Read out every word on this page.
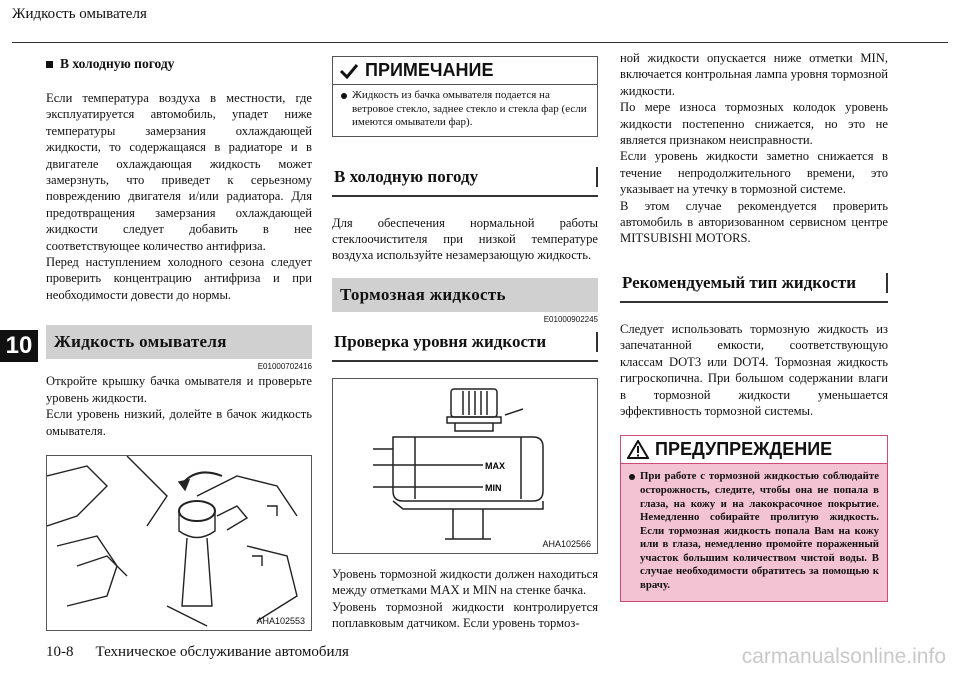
Жидкость омывателя
10
В холодную погоду

Если температура воздуха в местности, где эксплуатируется автомобиль, упадет ниже температуры замерзания охлаждающей жидкости, то содержащаяся в радиаторе и в двигателе охлаждающая жидкость может замерзнуть, что приведет к серьезному повреждению двигателя и/или радиатора. Для предотвращения замерзания охлаждающей жидкости следует добавить в нее соответствующее количество антифриза.

Перед наступлением холодного сезона следует проверить концентрацию антифриза и при необходимости довести до нормы.

Жидкость омывателя
E01000702416

Откройте крышку бачка омывателя и проверьте уровень жидкости.

Если уровень низкий, долейте в бачок жидкость омывателя.

AHA102553
ПРИМЕЧАНИЕ
Жидкость из бачка омывателя подается на ветровое стекло, заднее стекло и стекла фар (если имеются омыватели фар).
В холодную погоду

Для обеспечения нормальной работы стеклоочистителя при низкой температуре воздуха используйте незамерзающую жидкость.

Тормозная жидкость
E01000902245
Проверка уровня жидкости
MAX
MIN
AHA102566

Уровень тормозной жидкости должен находиться между отметками MAX и MIN на стенке бачка.

Уровень тормозной жидкости контролируется поплавковым датчиком. Если уровень тормоз-

ной жидкости опускается ниже отметки MIN, включается контрольная лампа уровня тормозной жидкости.

По мере износа тормозных колодок уровень жидкости постепенно снижается, но это не является признаком неисправности.

Если уровень жидкости заметно снижается в течение непродолжительного времени, это указывает на утечку в тормозной системе.

В этом случае рекомендуется проверить автомобиль в авторизованном сервисном центре MITSUBISHI MOTORS.

Рекомендуемый тип жидкости

Следует использовать тормозную жидкость из запечатанной емкости, соответствующую классам DOT3 или DOT4. Тормозная жидкость гигроскопична. При большом содержании влаги в тормозной жидкости уменьшается эффективность тормозной системы.

ПРЕДУПРЕЖДЕНИЕ
При работе с тормозной жидкостью соблюдайте осторожность, следите, чтобы она не попала в глаза, на кожу и на лакокрасочное покрытие. Немедленно собирайте пролитую жидкость. Если тормозная жидкость попала Вам на кожу или в глаза, немедленно промойте пораженный участок большим количеством чистой воды. В случае необходимости обратитесь за помощью к врачу.
10-8 Техническое обслуживание автомобиля	carmanualsonline.info
